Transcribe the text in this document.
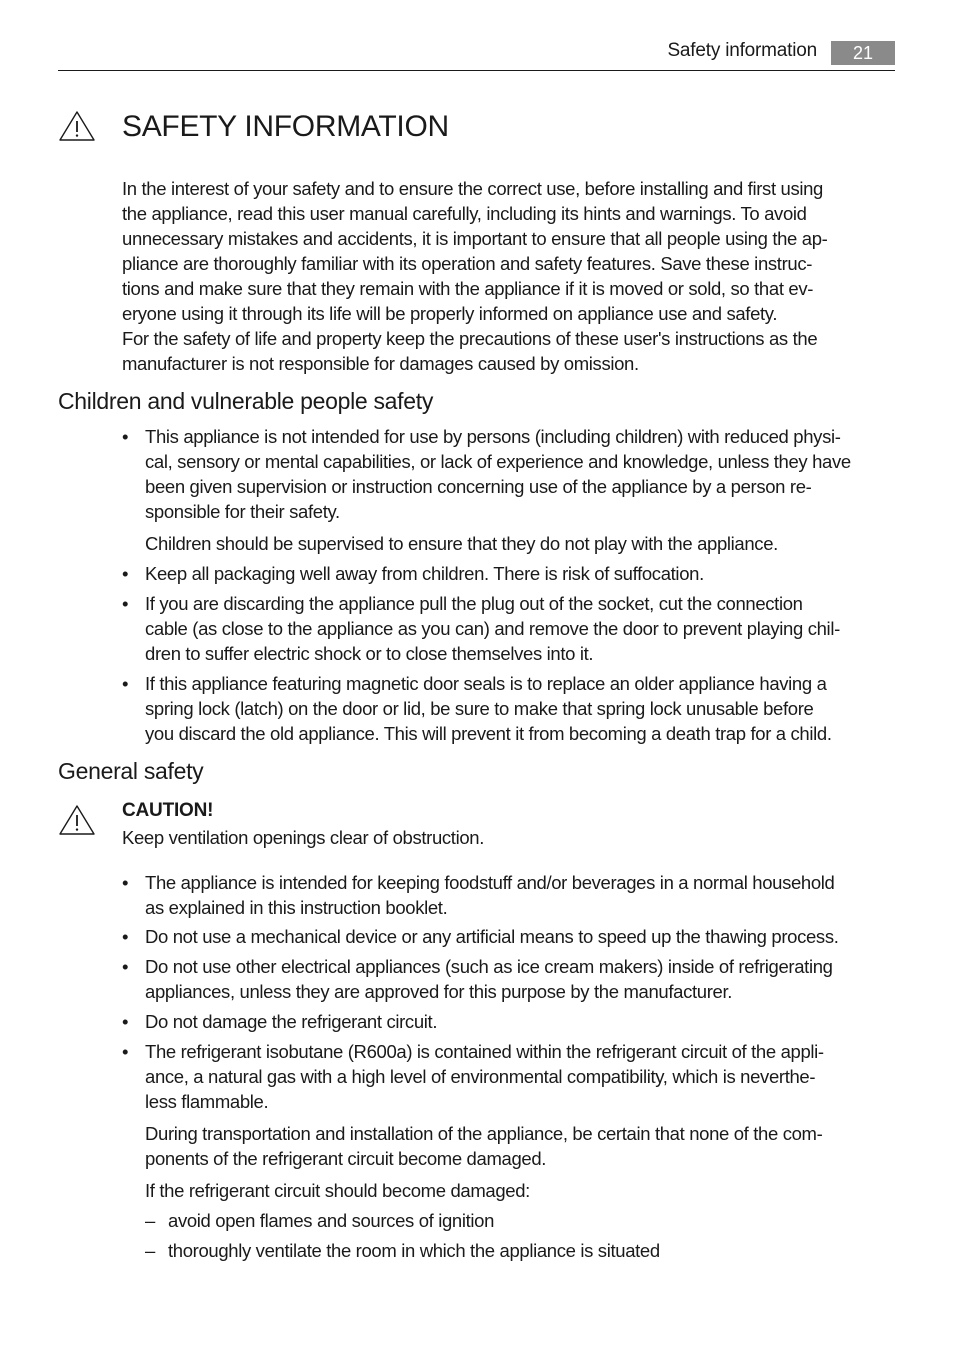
Safety information	21
SAFETY INFORMATION

In the interest of your safety and to ensure the correct use, before installing and first using

the appliance, read this user manual carefully, including its hints and warnings. To avoid

unnecessary mistakes and accidents, it is important to ensure that all people using the ap-

pliance are thoroughly familiar with its operation and safety features. Save these instruc-

tions and make sure that they remain with the appliance if it is moved or sold, so that ev-

eryone using it through its life will be properly informed on appliance use and safety.

For the safety of life and property keep the precautions of these user's instructions as the

manufacturer is not responsible for damages caused by omission.

Children and vulnerable people safety
• This appliance is not intended for use by persons (including children) with reduced physi-

cal, sensory or mental capabilities, or lack of experience and knowledge, unless they have

been given supervision or instruction concerning use of the appliance by a person re-

sponsible for their safety.

Children should be supervised to ensure that they do not play with the appliance.

• Keep all packaging well away from children. There is risk of suffocation.

• If you are discarding the appliance pull the plug out of the socket, cut the connection

cable (as close to the appliance as you can) and remove the door to prevent playing chil-

dren to suffer electric shock or to close themselves into it.

• If this appliance featuring magnetic door seals is to replace an older appliance having a

spring lock (latch) on the door or lid, be sure to make that spring lock unusable before

you discard the old appliance. This will prevent it from becoming a death trap for a child.

General safety
CAUTION!

Keep ventilation openings clear of obstruction.

• The appliance is intended for keeping foodstuff and/or beverages in a normal household

as explained in this instruction booklet.

• Do not use a mechanical device or any artificial means to speed up the thawing process.

• Do not use other electrical appliances (such as ice cream makers) inside of refrigerating

appliances, unless they are approved for this purpose by the manufacturer.

• Do not damage the refrigerant circuit.

• The refrigerant isobutane (R600a) is contained within the refrigerant circuit of the appli-

ance, a natural gas with a high level of environmental compatibility, which is neverthe-

less flammable.

During transportation and installation of the appliance, be certain that none of the com-

ponents of the refrigerant circuit become damaged.

If the refrigerant circuit should become damaged:

– avoid open flames and sources of ignition
– thoroughly ventilate the room in which the appliance is situated
